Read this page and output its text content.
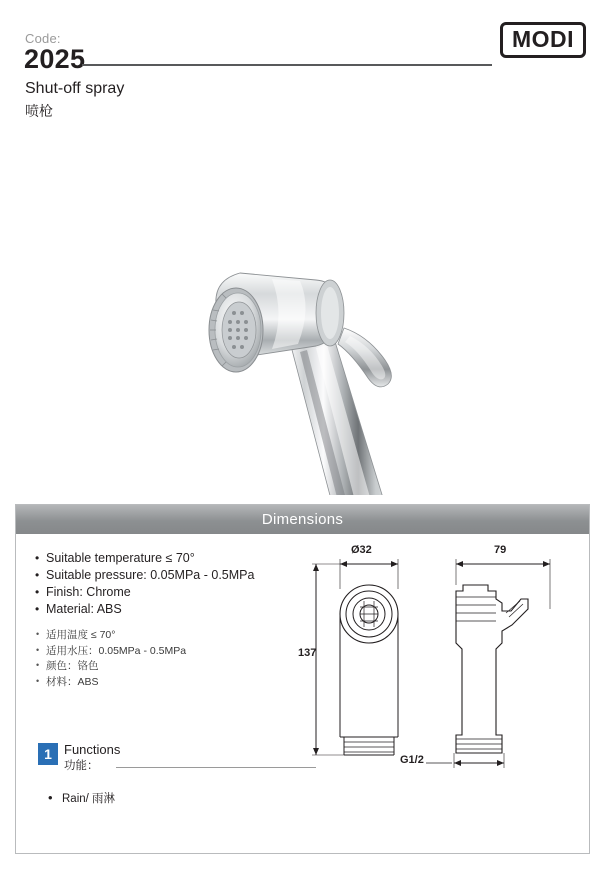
Code:
2025
Shut-off spray
喷枪
MODI
Dimensions
• Suitable temperature ≤ 70°
• Suitable pressure: 0.05MPa - 0.5MPa
• Finish: Chrome
• Material: ABS
• 适用温度 ≤ 70°
• 适用水压：0.05MPa - 0.5MPa
• 颜色：铬色
• 材料：ABS
1 Functions
功能：
• Rain/ 雨淋
Ø32
137
79
G1/2
